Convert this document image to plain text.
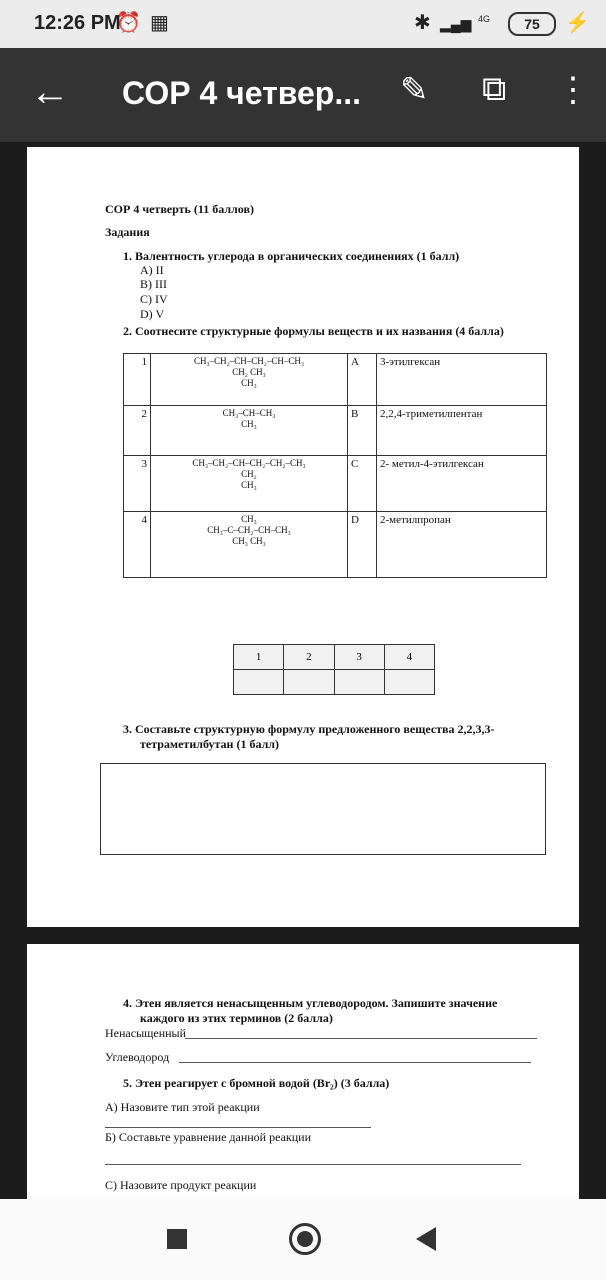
12:26 PM
⏰ ▦	✱ ▂▄▆ 4G	75	⚡
← СОР 4 четвер... ✎ ⧉ ⋮
СОР 4 четверть (11 баллов)
Задания
1. Валентность углерода в органических соединениях (1 балл)
A) II
B) III
C) IV
D) V
2. Соотнесите структурные формулы веществ и их названия (4 балла)
1	CH₃–CH₂–CH–CH₂–CH–CH₃
CH₂ CH₃
CH₃	A	3-этилгексан
2	CH₃–CH–CH₃
CH₃	B	2,2,4-триметилпентан
3	CH₃–CH₂–CH–CH₂–CH₂–CH₃
CH₂
CH₃	C	2- метил-4-этилгексан
4	CH₃
CH₃–C–CH₂–CH–CH₃
CH₃ CH₃	D	2-метилпропан
1	2	3	4

3. Составьте структурную формулу предложенного вещества 2,2,3,3-
тетраметилбутан (1 балл)
4. Этен является ненасыщенным углеводородом. Запишите значение
каждого из этих терминов (2 балла)
Ненасыщенный
Углеводород
5. Этен реагирует с бромной водой (Br₂) (3 балла)
А) Назовите тип этой реакции
Б) Составьте уравнение данной реакции
С) Назовите продукт реакции
